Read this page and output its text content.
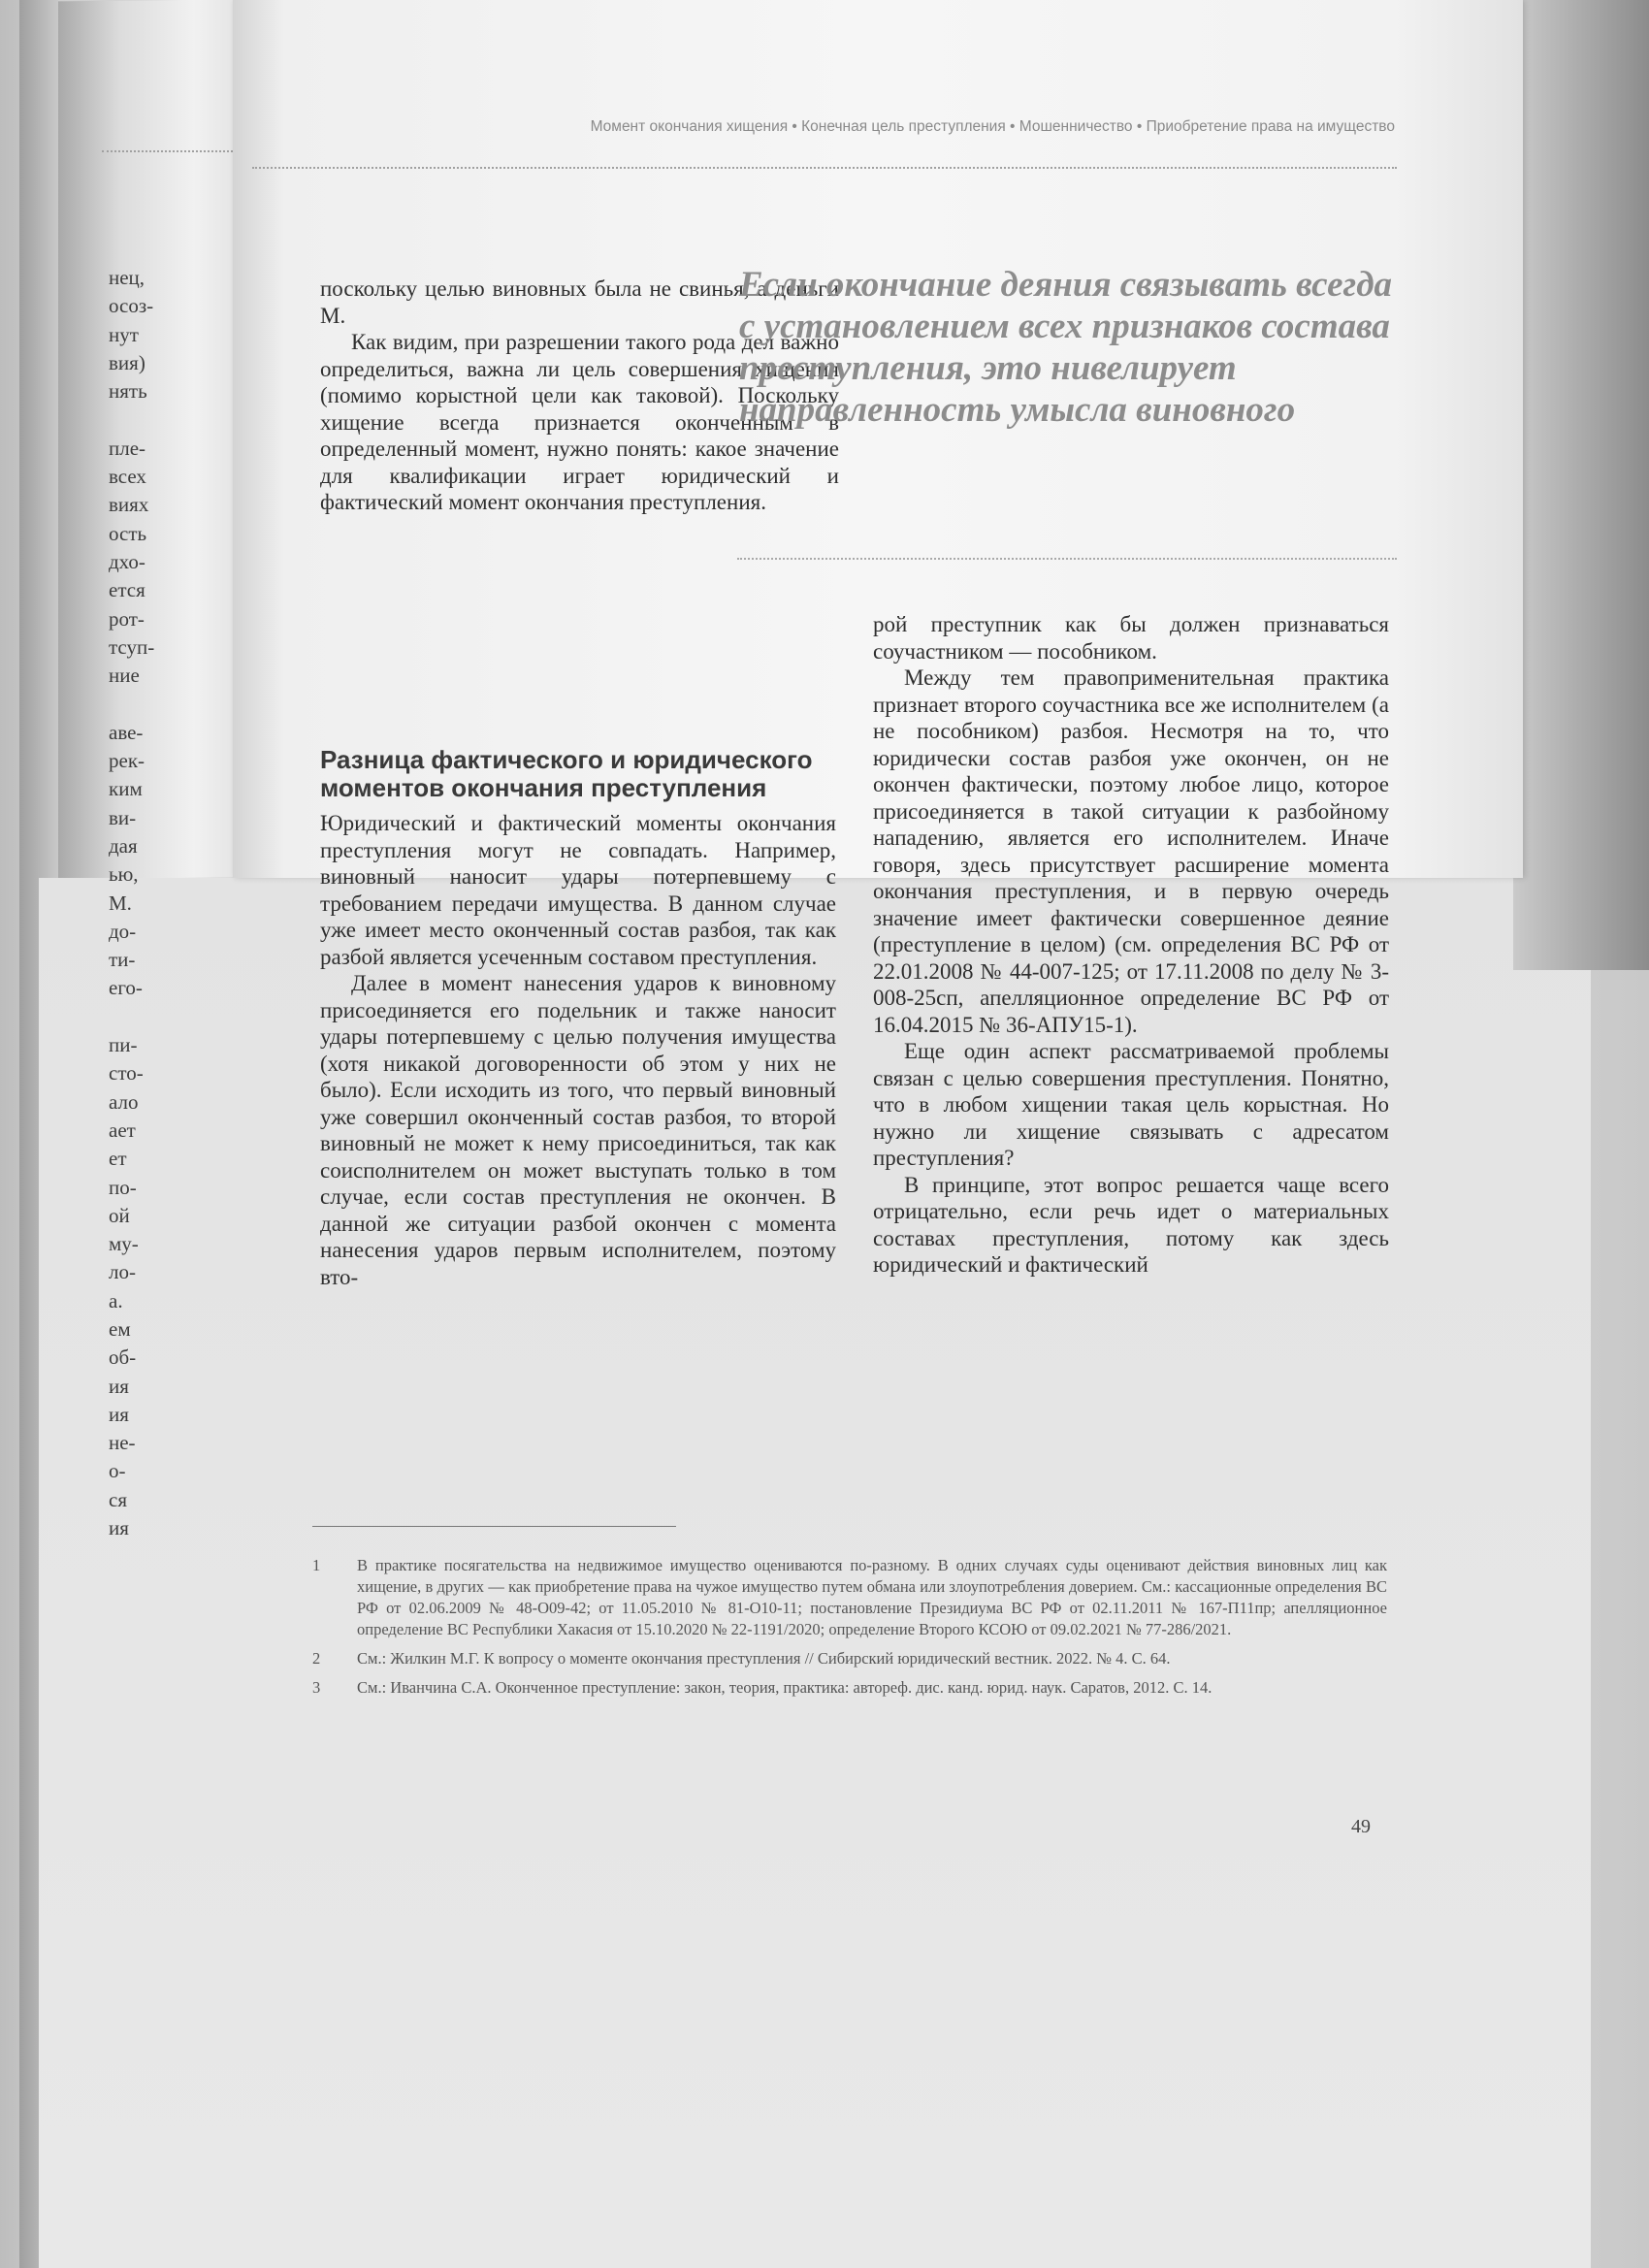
нец,
осоз-
нут
вия)
нять

пле-
всех
виях
ость
дхо-
ется
рот-
тсуп-
ние

аве-
рек-
ким
ви-
дая
ью,
М.
до-
ти-
его-

пи-
сто-
ало
ает
ет
по-
ой
му-
ло-
а.
ем
об-
ия
ия
не-
о-
ся
ия
Момент окончания хищения • Конечная цель преступления • Мошенничество • Приобретение права на имущество

поскольку целью виновных была не свинья, а деньги М.

Как видим, при разрешении такого рода дел важно определиться, важна ли цель совершения хищения (помимо корыстной цели как таковой). Поскольку хищение всегда признается оконченным в определенный момент, нужно понять: какое значение для квалификации играет юридический и фактический момент окончания преступления.

Если окончание деяния связывать всегда с установлением всех признаков состава преступления, это нивелирует направленность умысла виновного
Разница фактического и юридического моментов окончания преступления

Юридический и фактический моменты окончания преступления могут не совпадать. Например, виновный наносит удары потерпевшему с требованием передачи имущества. В данном случае уже имеет место оконченный состав разбоя, так как разбой является усеченным составом преступления.

Далее в момент нанесения ударов к виновному присоединяется его подельник и также наносит удары потерпевшему с целью получения имущества (хотя никакой договоренности об этом у них не было). Если исходить из того, что первый виновный уже совершил оконченный состав разбоя, то второй виновный не может к нему присоединиться, так как соисполнителем он может выступать только в том случае, если состав преступления не окончен. В данной же ситуации разбой окончен с момента нанесения ударов первым исполнителем, поэтому вто-

рой преступник как бы должен признаваться соучастником — пособником.

Между тем правоприменительная практика признает второго соучастника все же исполнителем (а не пособником) разбоя. Несмотря на то, что юридически состав разбоя уже окончен, он не окончен фактически, поэтому любое лицо, которое присоединяется в такой ситуации к разбойному нападению, является его исполнителем. Иначе говоря, здесь присутствует расширение момента окончания преступления, и в первую очередь значение имеет фактически совершенное деяние (преступление в целом) (см. определения ВС РФ от 22.01.2008 № 44-007-125; от 17.11.2008 по делу № 3-008-25сп, апелляционное определение ВС РФ от 16.04.2015 № 36-АПУ15-1).

Еще один аспект рассматриваемой проблемы связан с целью совершения преступления. Понятно, что в любом хищении такая цель корыстная. Но нужно ли хищение связывать с адресатом преступления?

В принципе, этот вопрос решается чаще всего отрицательно, если речь идет о материальных составах преступления, потому как здесь юридический и фактический

1	В практике посягательства на недвижимое имущество оцениваются по-разному. В одних случаях суды оценивают действия виновных лиц как хищение, в других — как приобретение права на чужое имущество путем обмана или злоупотребления доверием. См.: кассационные определения ВС РФ от 02.06.2009 № 48-О09-42; от 11.05.2010 № 81-О10-11; постановление Президиума ВС РФ от 02.11.2011 № 167-П11пр; апелляционное определение ВС Республики Хакасия от 15.10.2020 № 22-1191/2020; определение Второго КСОЮ от 09.02.2021 № 77-286/2021.
2	См.: Жилкин М.Г. К вопросу о моменте окончания преступления // Сибирский юридический вестник. 2022. № 4. С. 64.
3	См.: Иванчина С.А. Оконченное преступление: закон, теория, практика: автореф. дис. канд. юрид. наук. Саратов, 2012. С. 14.
49
